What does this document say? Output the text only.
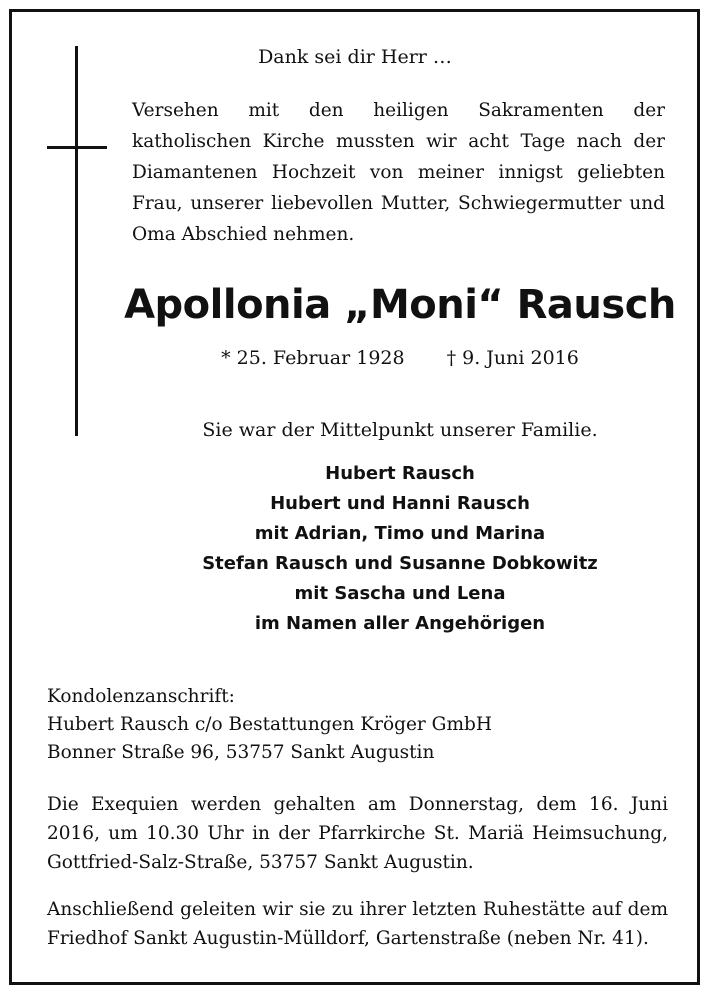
Dank sei dir Herr …

Versehen mit den heiligen Sakramenten der katholischen Kirche mussten wir acht Tage nach der Diamantenen Hochzeit von meiner innigst geliebten Frau, unserer liebevollen Mutter, Schwiegermutter und Oma Abschied nehmen.

Apollonia „Moni“ Rausch
* 25. Februar 1928 † 9. Juni 2016
Sie war der Mittelpunkt unserer Familie.
Hubert Rausch
Hubert und Hanni Rausch
mit Adrian, Timo und Marina
Stefan Rausch und Susanne Dobkowitz
mit Sascha und Lena
im Namen aller Angehörigen
Kondolenzanschrift:
Hubert Rausch c/o Bestattungen Kröger GmbH
Bonner Straße 96, 53757 Sankt Augustin

Die Exequien werden gehalten am Donnerstag, dem 16. Juni 2016, um 10.30 Uhr in der Pfarrkirche St. Mariä Heimsuchung, Gottfried-Salz-Straße, 53757 Sankt Augustin.

Anschließend geleiten wir sie zu ihrer letzten Ruhestätte auf dem Friedhof Sankt Augustin-Mülldorf, Gartenstraße (neben Nr. 41).
